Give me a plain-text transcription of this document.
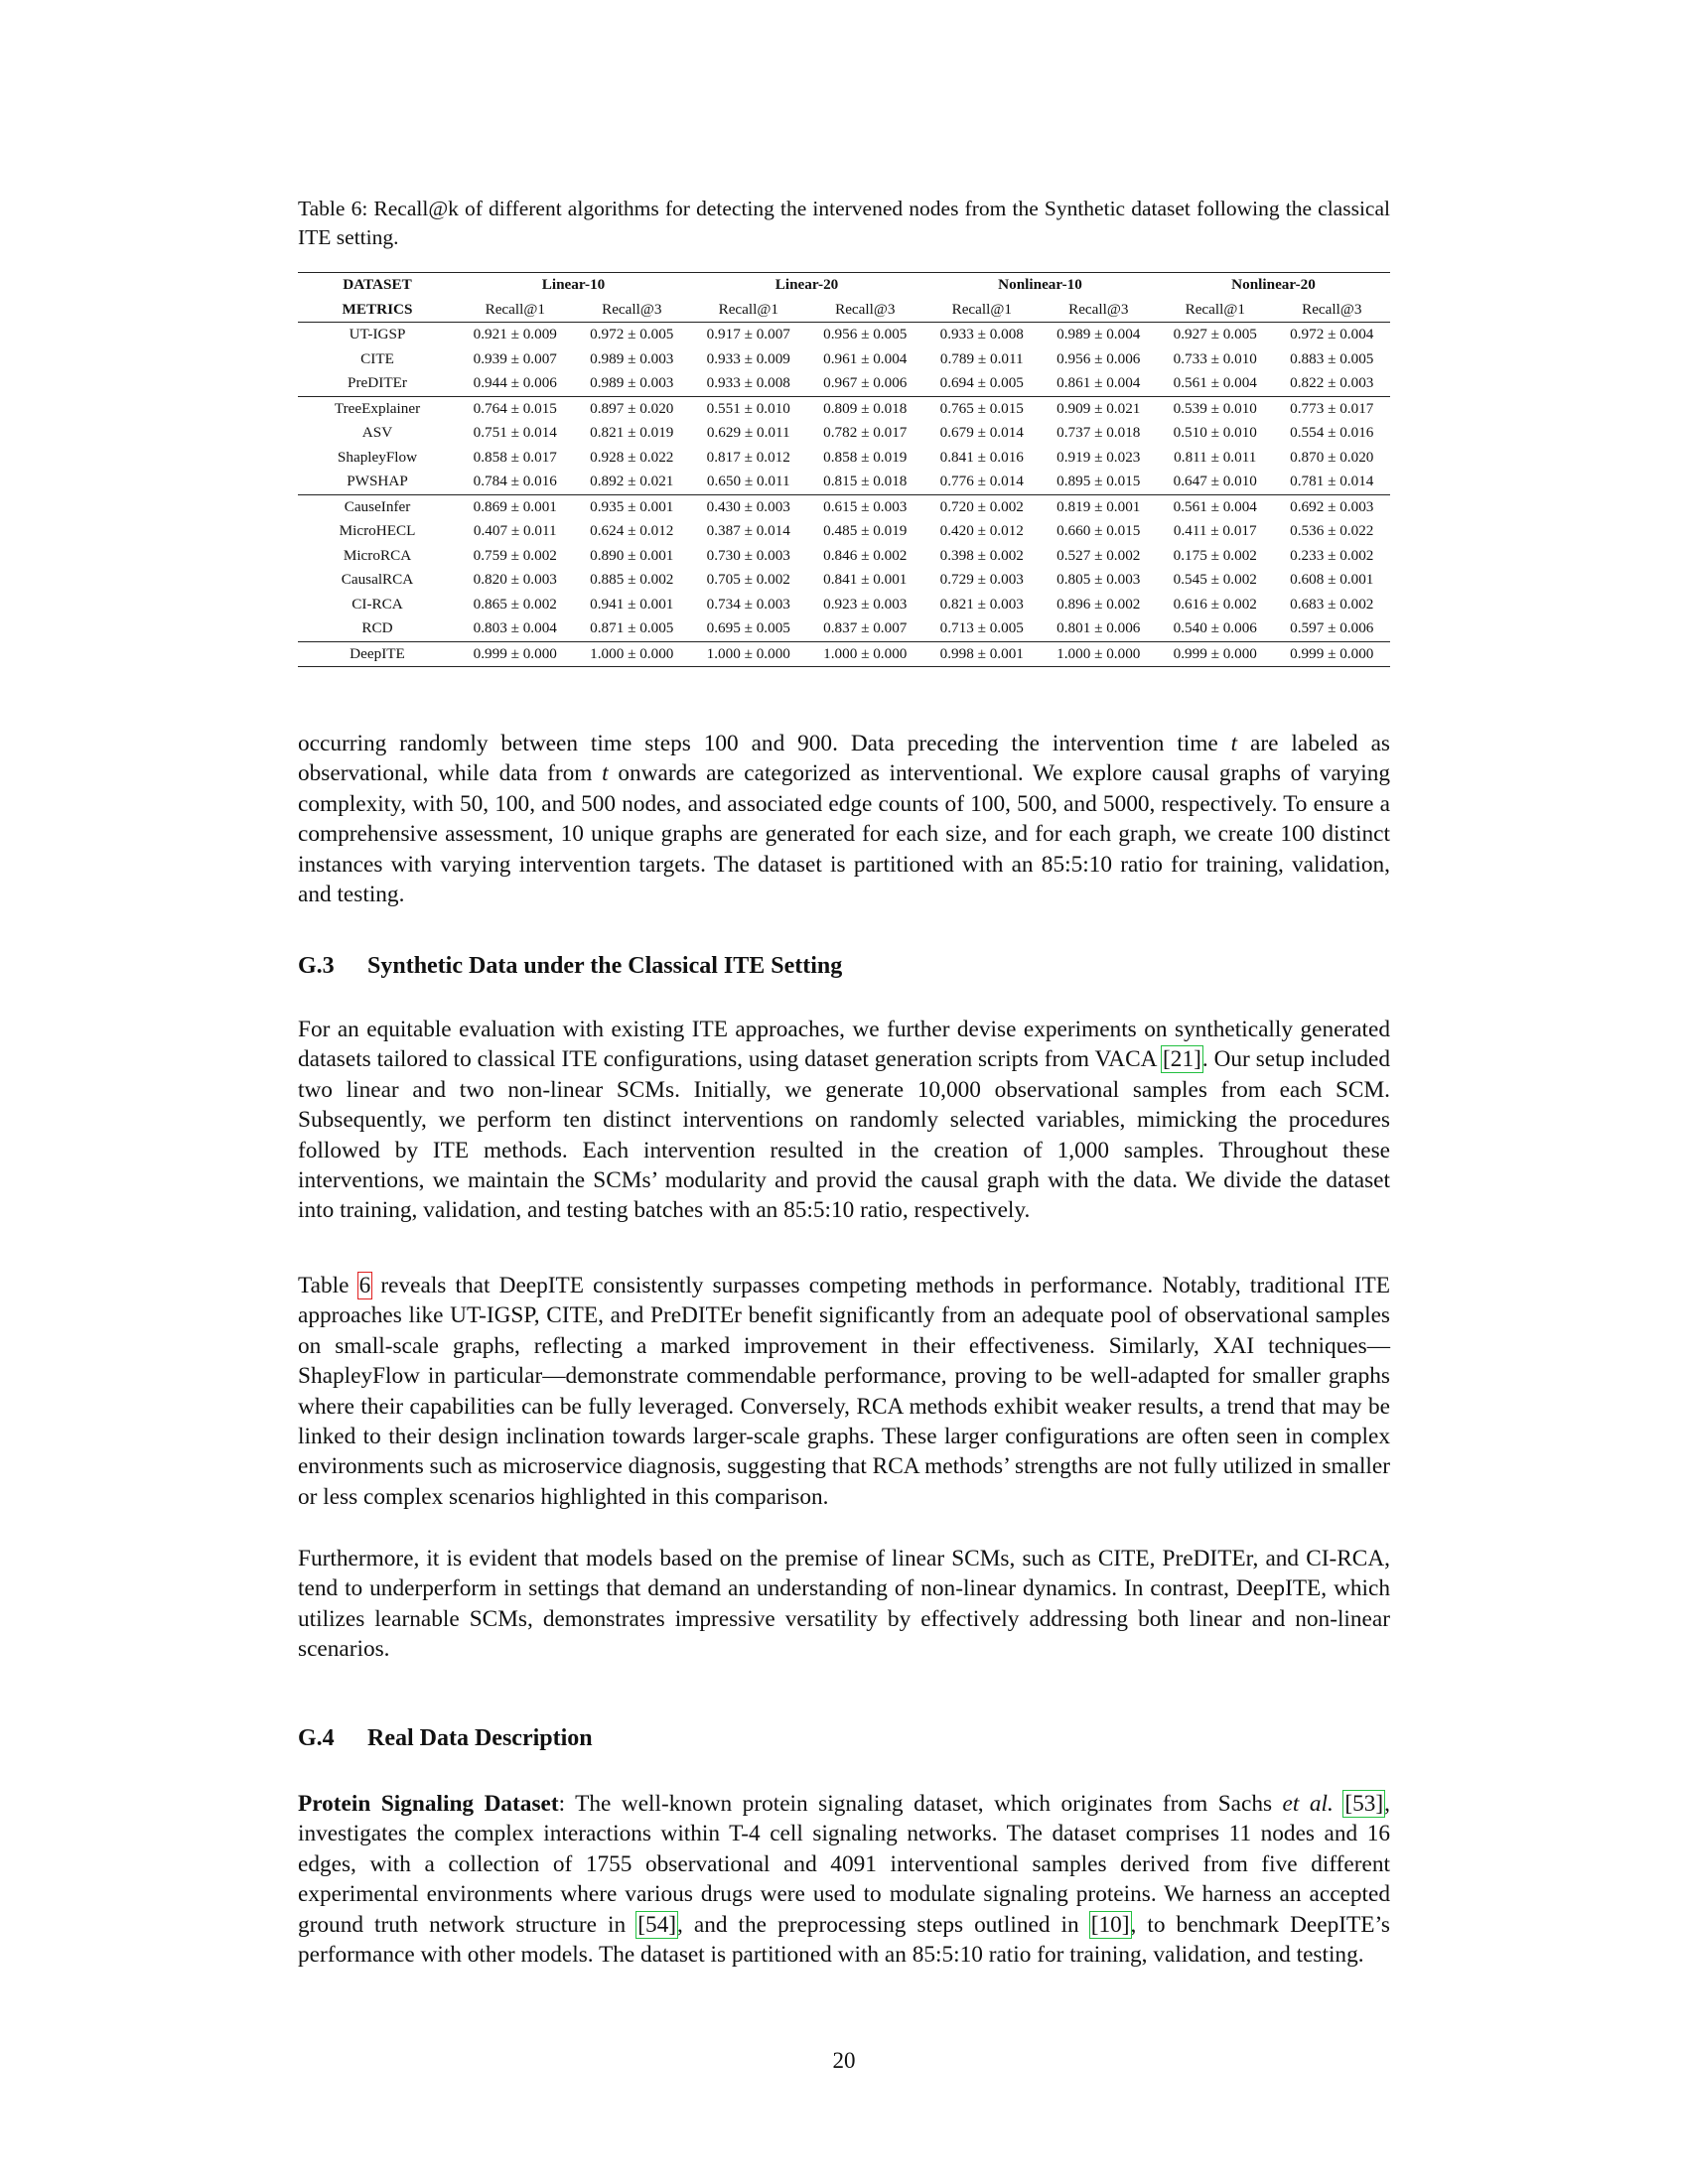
Table 6: Recall@k of different algorithms for detecting the intervened nodes from the Synthetic dataset following the classical ITE setting.
DATASET	Linear-10		Linear-20		Nonlinear-10		Nonlinear-20	
METRICS	Recall@1	Recall@3	Recall@1	Recall@3	Recall@1	Recall@3	Recall@1	Recall@3
UT-IGSP	0.921 ± 0.009	0.972 ± 0.005	0.917 ± 0.007	0.956 ± 0.005	0.933 ± 0.008	0.989 ± 0.004	0.927 ± 0.005	0.972 ± 0.004
CITE	0.939 ± 0.007	0.989 ± 0.003	0.933 ± 0.009	0.961 ± 0.004	0.789 ± 0.011	0.956 ± 0.006	0.733 ± 0.010	0.883 ± 0.005
PreDITEr	0.944 ± 0.006	0.989 ± 0.003	0.933 ± 0.008	0.967 ± 0.006	0.694 ± 0.005	0.861 ± 0.004	0.561 ± 0.004	0.822 ± 0.003
TreeExplainer	0.764 ± 0.015	0.897 ± 0.020	0.551 ± 0.010	0.809 ± 0.018	0.765 ± 0.015	0.909 ± 0.021	0.539 ± 0.010	0.773 ± 0.017
ASV	0.751 ± 0.014	0.821 ± 0.019	0.629 ± 0.011	0.782 ± 0.017	0.679 ± 0.014	0.737 ± 0.018	0.510 ± 0.010	0.554 ± 0.016
ShapleyFlow	0.858 ± 0.017	0.928 ± 0.022	0.817 ± 0.012	0.858 ± 0.019	0.841 ± 0.016	0.919 ± 0.023	0.811 ± 0.011	0.870 ± 0.020
PWSHAP	0.784 ± 0.016	0.892 ± 0.021	0.650 ± 0.011	0.815 ± 0.018	0.776 ± 0.014	0.895 ± 0.015	0.647 ± 0.010	0.781 ± 0.014
CauseInfer	0.869 ± 0.001	0.935 ± 0.001	0.430 ± 0.003	0.615 ± 0.003	0.720 ± 0.002	0.819 ± 0.001	0.561 ± 0.004	0.692 ± 0.003
MicroHECL	0.407 ± 0.011	0.624 ± 0.012	0.387 ± 0.014	0.485 ± 0.019	0.420 ± 0.012	0.660 ± 0.015	0.411 ± 0.017	0.536 ± 0.022
MicroRCA	0.759 ± 0.002	0.890 ± 0.001	0.730 ± 0.003	0.846 ± 0.002	0.398 ± 0.002	0.527 ± 0.002	0.175 ± 0.002	0.233 ± 0.002
CausalRCA	0.820 ± 0.003	0.885 ± 0.002	0.705 ± 0.002	0.841 ± 0.001	0.729 ± 0.003	0.805 ± 0.003	0.545 ± 0.002	0.608 ± 0.001
CI-RCA	0.865 ± 0.002	0.941 ± 0.001	0.734 ± 0.003	0.923 ± 0.003	0.821 ± 0.003	0.896 ± 0.002	0.616 ± 0.002	0.683 ± 0.002
RCD	0.803 ± 0.004	0.871 ± 0.005	0.695 ± 0.005	0.837 ± 0.007	0.713 ± 0.005	0.801 ± 0.006	0.540 ± 0.006	0.597 ± 0.006
DeepITE	0.999 ± 0.000	1.000 ± 0.000	1.000 ± 0.000	1.000 ± 0.000	0.998 ± 0.001	1.000 ± 0.000	0.999 ± 0.000	0.999 ± 0.000

occurring randomly between time steps 100 and 900. Data preceding the intervention time t are labeled as observational, while data from t onwards are categorized as interventional. We explore causal graphs of varying complexity, with 50, 100, and 500 nodes, and associated edge counts of 100, 500, and 5000, respectively. To ensure a comprehensive assessment, 10 unique graphs are generated for each size, and for each graph, we create 100 distinct instances with varying intervention targets. The dataset is partitioned with an 85:5:10 ratio for training, validation, and testing.

G.3 Synthetic Data under the Classical ITE Setting

For an equitable evaluation with existing ITE approaches, we further devise experiments on synthetically generated datasets tailored to classical ITE configurations, using dataset generation scripts from VACA [21]. Our setup included two linear and two non-linear SCMs. Initially, we generate 10,000 observational samples from each SCM. Subsequently, we perform ten distinct interventions on randomly selected variables, mimicking the procedures followed by ITE methods. Each intervention resulted in the creation of 1,000 samples. Throughout these interventions, we maintain the SCMs’ modularity and provid the causal graph with the data. We divide the dataset into training, validation, and testing batches with an 85:5:10 ratio, respectively.

Table 6 reveals that DeepITE consistently surpasses competing methods in performance. Notably, traditional ITE approaches like UT-IGSP, CITE, and PreDITEr benefit significantly from an adequate pool of observational samples on small-scale graphs, reflecting a marked improvement in their effectiveness. Similarly, XAI techniques—ShapleyFlow in particular—demonstrate commendable performance, proving to be well-adapted for smaller graphs where their capabilities can be fully leveraged. Conversely, RCA methods exhibit weaker results, a trend that may be linked to their design inclination towards larger-scale graphs. These larger configurations are often seen in complex environments such as microservice diagnosis, suggesting that RCA methods’ strengths are not fully utilized in smaller or less complex scenarios highlighted in this comparison.

Furthermore, it is evident that models based on the premise of linear SCMs, such as CITE, PreDITEr, and CI-RCA, tend to underperform in settings that demand an understanding of non-linear dynamics. In contrast, DeepITE, which utilizes learnable SCMs, demonstrates impressive versatility by effectively addressing both linear and non-linear scenarios.

G.4 Real Data Description

Protein Signaling Dataset: The well-known protein signaling dataset, which originates from Sachs et al. [53], investigates the complex interactions within T-4 cell signaling networks. The dataset comprises 11 nodes and 16 edges, with a collection of 1755 observational and 4091 interventional samples derived from five different experimental environments where various drugs were used to modulate signaling proteins. We harness an accepted ground truth network structure in [54], and the preprocessing steps outlined in [10], to benchmark DeepITE’s performance with other models. The dataset is partitioned with an 85:5:10 ratio for training, validation, and testing.

20
